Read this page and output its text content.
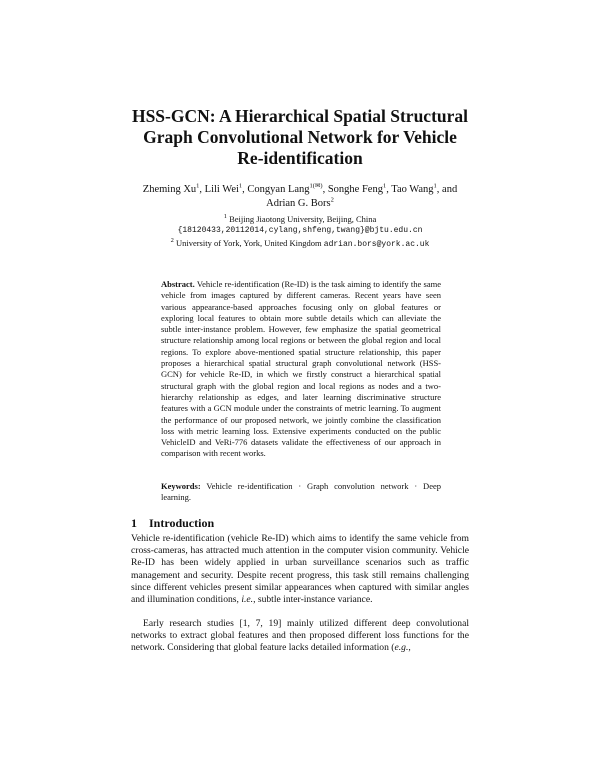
HSS-GCN: A Hierarchical Spatial Structural
Graph Convolutional Network for Vehicle
Re-identification
Zheming Xu$^1$, Lili Wei$^1$, Congyan Lang$^{1(✉)}$, Songhe Feng$^1$, Tao Wang$^1$, and
Adrian G. Bors$^2$
$^1$ Beijing Jiaotong University, Beijing, China
{18120433,20112014,cylang,shfeng,twang}@bjtu.edu.cn
$^2$ University of York, York, United Kingdom adrian.bors@york.ac.uk
Abstract. Vehicle re-identification (Re-ID) is the task aiming to identify the same vehicle from images captured by different cameras. Recent years have seen various appearance-based approaches focusing only on global features or exploring local features to obtain more subtle details which can alleviate the subtle inter-instance problem. However, few emphasize the spatial geometrical structure relationship among local regions or between the global region and local regions. To explore above-mentioned spatial structure relationship, this paper proposes a hierarchical spatial structural graph convolutional network (HSS-GCN) for vehicle Re-ID, in which we firstly construct a hierarchical spatial structural graph with the global region and local regions as nodes and a two-hierarchy relationship as edges, and later learning discriminative structure features with a GCN module under the constraints of metric learning. To augment the performance of our proposed network, we jointly combine the classification loss with metric learning loss. Extensive experiments conducted on the public VehicleID and VeRi-776 datasets validate the effectiveness of our approach in comparison with recent works.
Keywords: Vehicle re-identification · Graph convolution network · Deep learning.
1 Introduction
Vehicle re-identification (vehicle Re-ID) which aims to identify the same vehicle from cross-cameras, has attracted much attention in the computer vision community. Vehicle Re-ID has been widely applied in urban surveillance scenarios such as traffic management and security. Despite recent progress, this task still remains challenging since different vehicles present similar appearances when captured with similar angles and illumination conditions, i.e., subtle inter-instance variance.
Early research studies [1, 7, 19] mainly utilized different deep convolutional networks to extract global features and then proposed different loss functions for the network. Considering that global feature lacks detailed information (e.g.,
